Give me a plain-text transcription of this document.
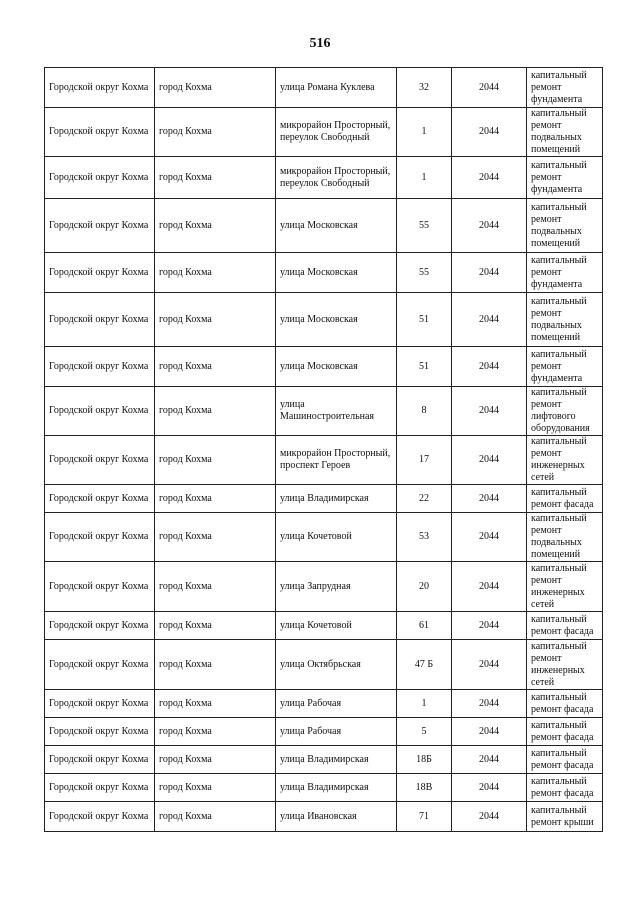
516
Городской округ Кохма	город Кохма	улица Романа Куклева	32	2044	капитальный ремонт фундамента
Городской округ Кохма	город Кохма	микрорайон Просторный, переулок Свободный	1	2044	капитальный ремонт подвальных помещений
Городской округ Кохма	город Кохма	микрорайон Просторный, переулок Свободный	1	2044	капитальный ремонт фундамента
Городской округ Кохма	город Кохма	улица Московская	55	2044	капитальный ремонт подвальных помещений
Городской округ Кохма	город Кохма	улица Московская	55	2044	капитальный ремонт фундамента
Городской округ Кохма	город Кохма	улица Московская	51	2044	капитальный ремонт подвальных помещений
Городской округ Кохма	город Кохма	улица Московская	51	2044	капитальный ремонт фундамента
Городской округ Кохма	город Кохма	улица Машиностроительная	8	2044	капитальный ремонт лифтового оборудования
Городской округ Кохма	город Кохма	микрорайон Просторный, проспект Героев	17	2044	капитальный ремонт инженерных сетей
Городской округ Кохма	город Кохма	улица Владимирская	22	2044	капитальный ремонт фасада
Городской округ Кохма	город Кохма	улица Кочетовой	53	2044	капитальный ремонт подвальных помещений
Городской округ Кохма	город Кохма	улица Запрудная	20	2044	капитальный ремонт инженерных сетей
Городской округ Кохма	город Кохма	улица Кочетовой	61	2044	капитальный ремонт фасада
Городской округ Кохма	город Кохма	улица Октябрьская	47 Б	2044	капитальный ремонт инженерных сетей
Городской округ Кохма	город Кохма	улица Рабочая	1	2044	капитальный ремонт фасада
Городской округ Кохма	город Кохма	улица Рабочая	5	2044	капитальный ремонт фасада
Городской округ Кохма	город Кохма	улица Владимирская	18Б	2044	капитальный ремонт фасада
Городской округ Кохма	город Кохма	улица Владимирская	18В	2044	капитальный ремонт фасада
Городской округ Кохма	город Кохма	улица Ивановская	71	2044	капитальный ремонт крыши
